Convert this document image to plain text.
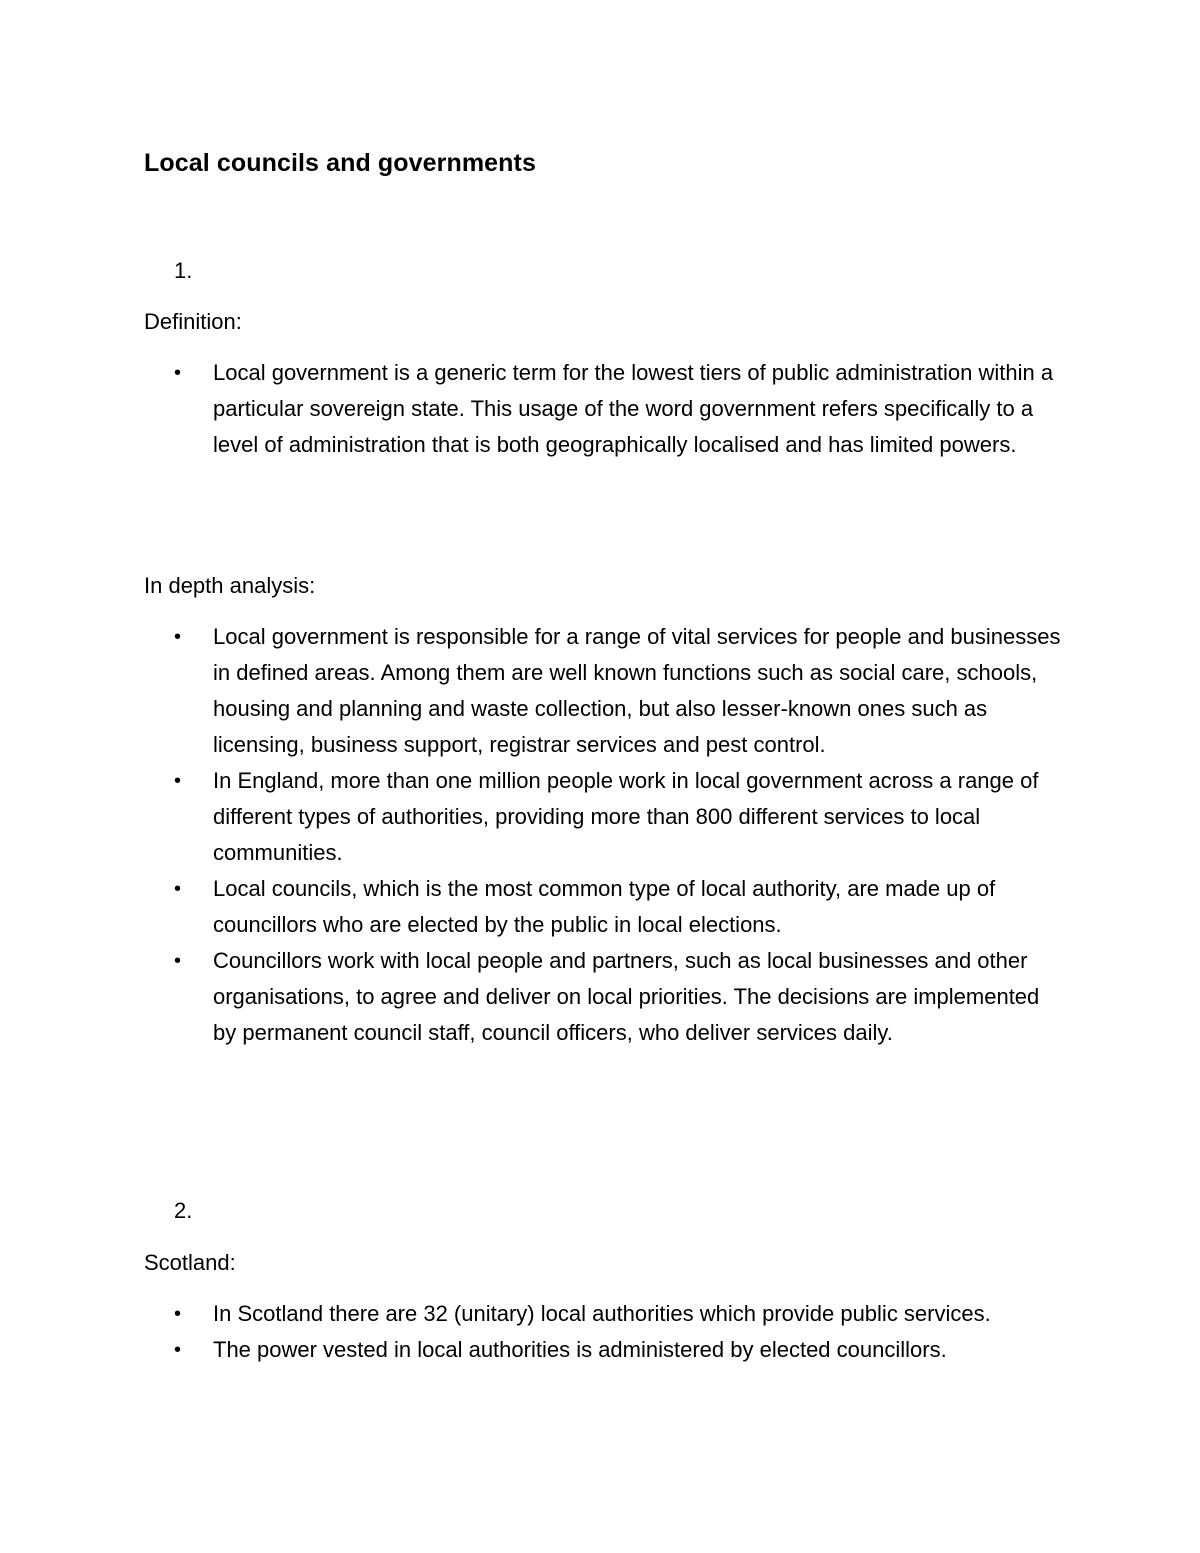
Local councils and governments
1.
Definition:
• Local government is a generic term for the lowest tiers of public administration within a particular sovereign state. This usage of the word government refers specifically to a level of administration that is both geographically localised and has limited powers.
In depth analysis:
• Local government is responsible for a range of vital services for people and businesses in defined areas. Among them are well known functions such as social care, schools, housing and planning and waste collection, but also lesser-known ones such as licensing, business support, registrar services and pest control.
• In England, more than one million people work in local government across a range of different types of authorities, providing more than 800 different services to local communities.
• Local councils, which is the most common type of local authority, are made up of councillors who are elected by the public in local elections.
• Councillors work with local people and partners, such as local businesses and other organisations, to agree and deliver on local priorities. The decisions are implemented by permanent council staff, council officers, who deliver services daily.
2.
Scotland:
• In Scotland there are 32 (unitary) local authorities which provide public services.
• The power vested in local authorities is administered by elected councillors.
